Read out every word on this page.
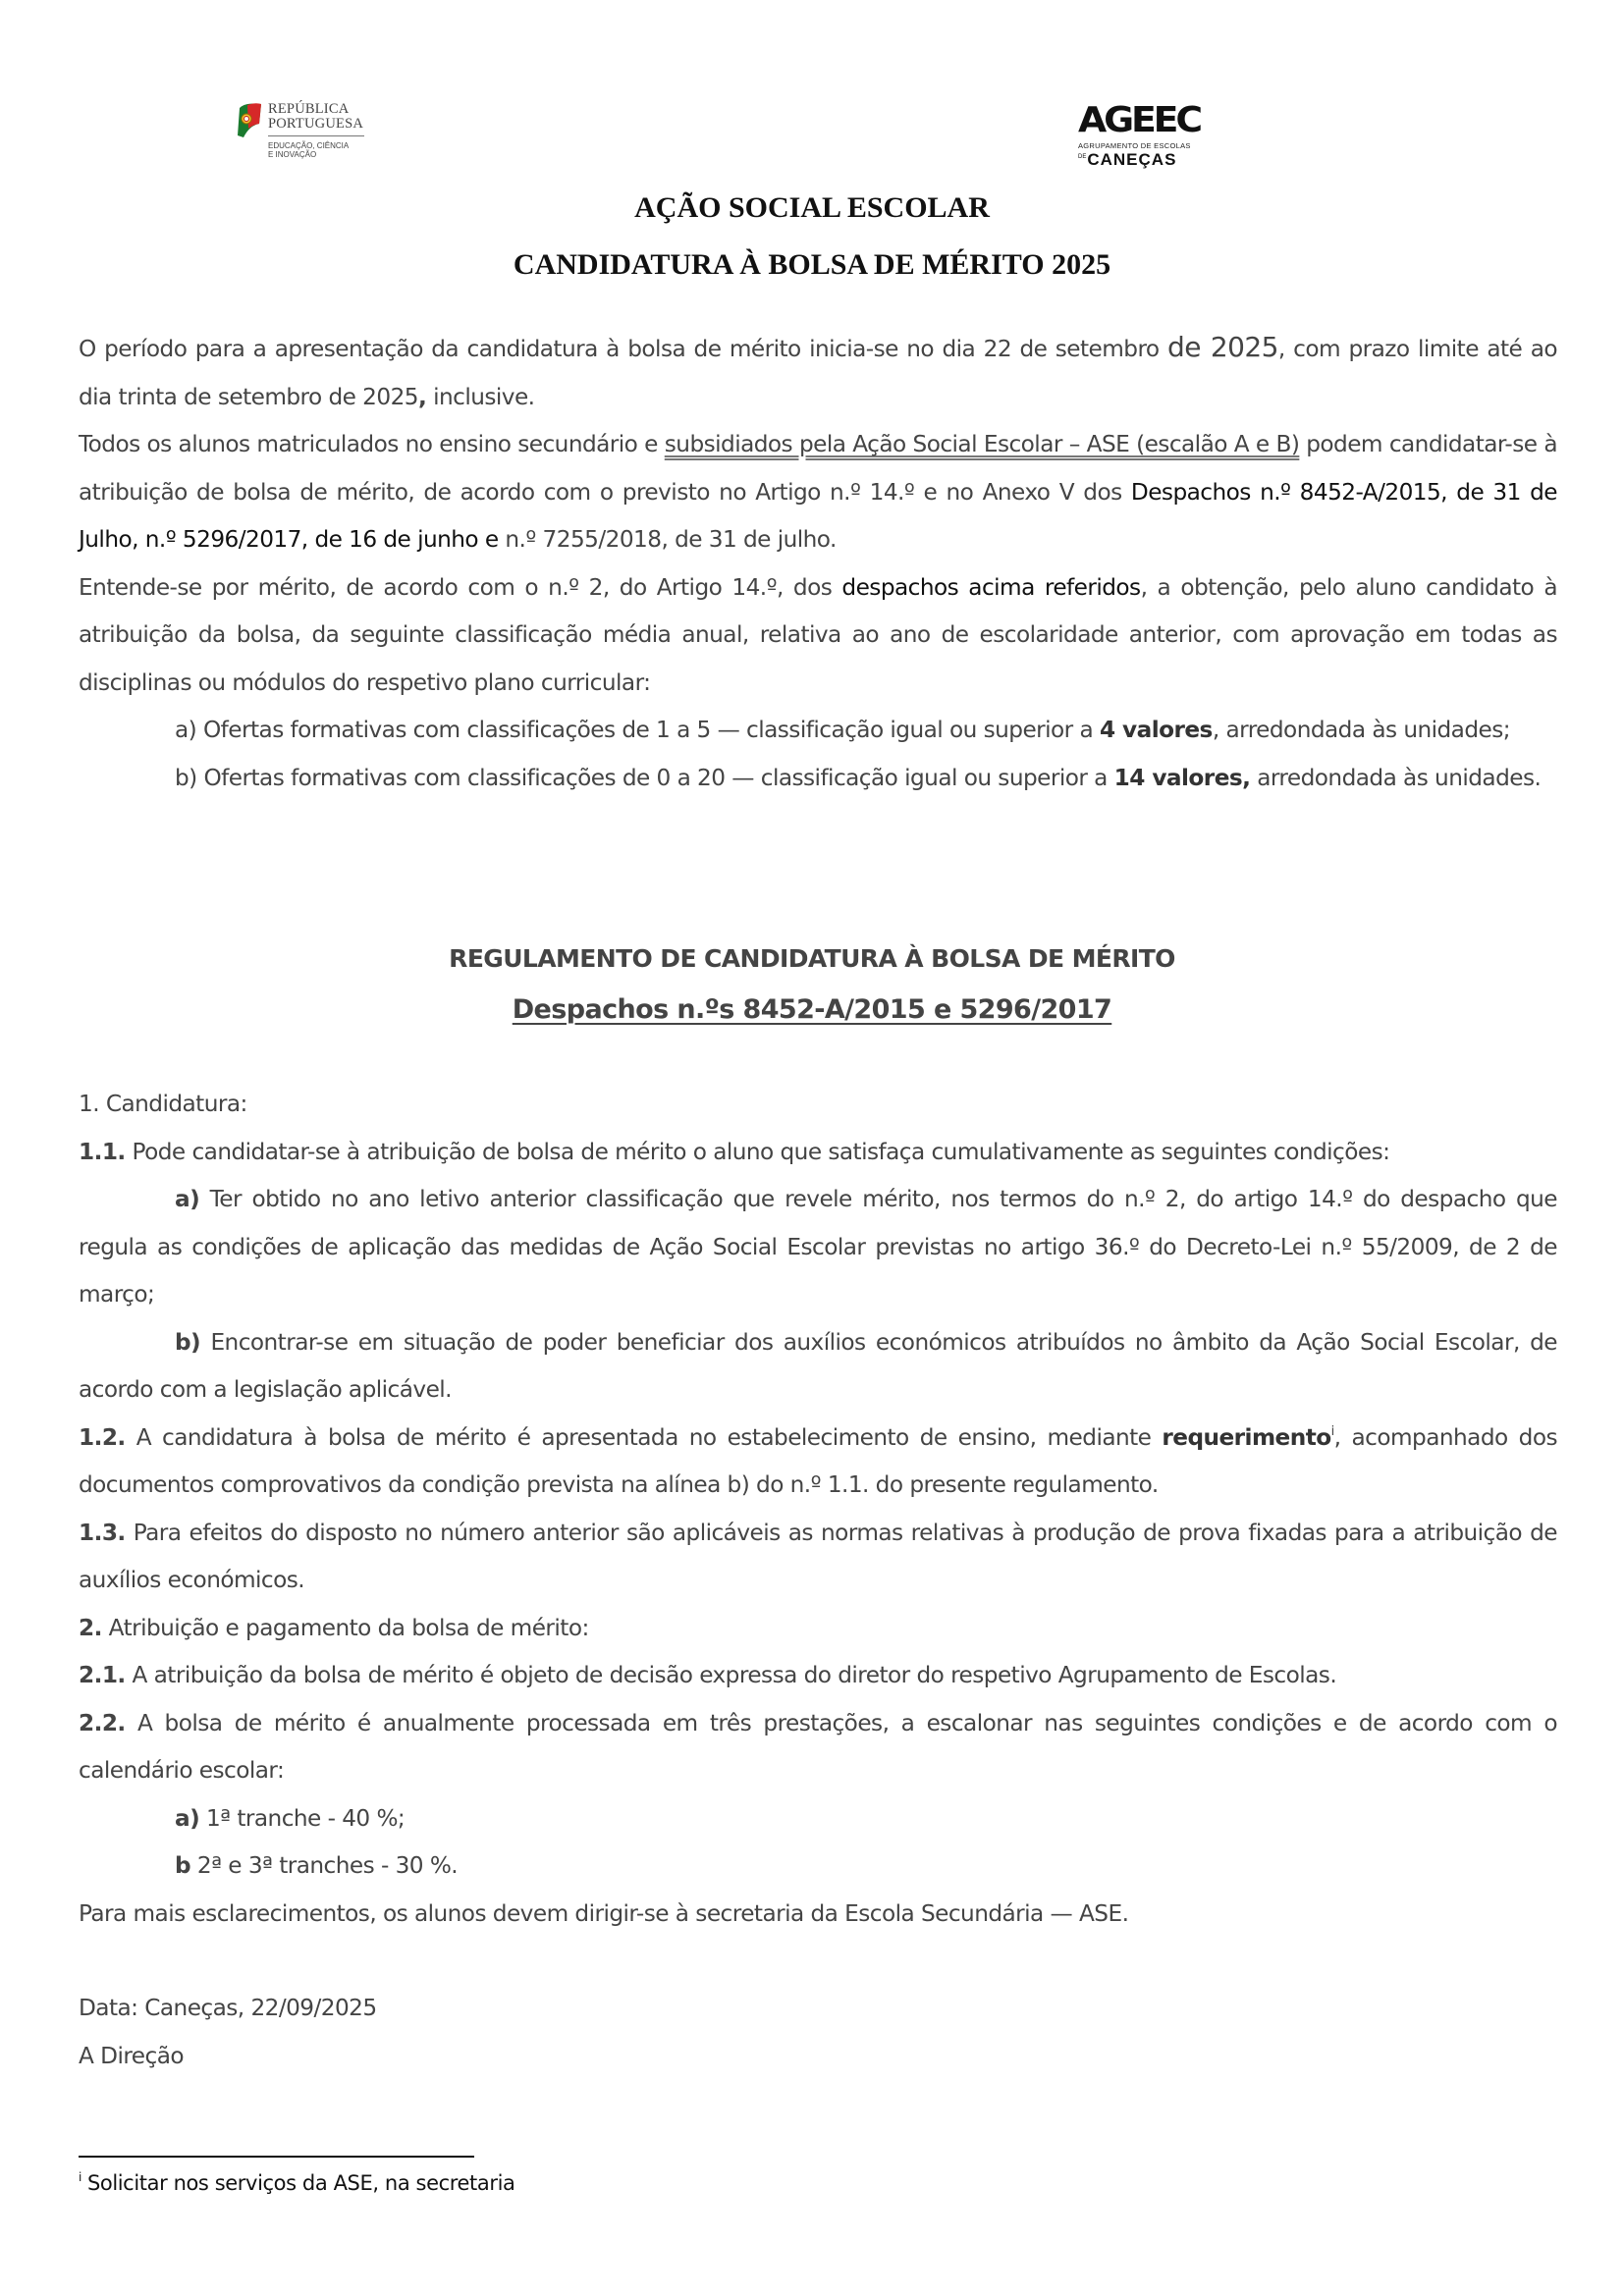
REPÚBLICA
PORTUGUESA
EDUCAÇÃO, CIÊNCIA
E INOVAÇÃO
AGEEC
AGRUPAMENTO DE ESCOLAS
$^{DE}$CANEÇAS
AÇÃO SOCIAL ESCOLAR
CANDIDATURA À BOLSA DE MÉRITO 2025

O período para a apresentação da candidatura à bolsa de mérito inicia-se no dia 22 de setembro de 2025, com prazo limite até ao dia trinta de setembro de 2025, inclusive.

Todos os alunos matriculados no ensino secundário e subsidiados pela Ação Social Escolar – ASE (escalão A e B) podem candidatar-se à atribuição de bolsa de mérito, de acordo com o previsto no Artigo n.º 14.º e no Anexo V dos Despachos n.º 8452-A/2015, de 31 de Julho, n.º 5296/2017, de 16 de junho e n.º 7255/2018, de 31 de julho.

Entende-se por mérito, de acordo com o n.º 2, do Artigo 14.º, dos despachos acima referidos, a obtenção, pelo aluno candidato à atribuição da bolsa, da seguinte classificação média anual, relativa ao ano de escolaridade anterior, com aprovação em todas as disciplinas ou módulos do respetivo plano curricular:

a) Ofertas formativas com classificações de 1 a 5 — classificação igual ou superior a 4 valores, arredondada às unidades;

b) Ofertas formativas com classificações de 0 a 20 — classificação igual ou superior a 14 valores, arredondada às unidades.

REGULAMENTO DE CANDIDATURA À BOLSA DE MÉRITO
Despachos n.ºs 8452-A/2015 e 5296/2017

1. Candidatura:

1.1. Pode candidatar-se à atribuição de bolsa de mérito o aluno que satisfaça cumulativamente as seguintes condições:

a) Ter obtido no ano letivo anterior classificação que revele mérito, nos termos do n.º 2, do artigo 14.º do despacho que regula as condições de aplicação das medidas de Ação Social Escolar previstas no artigo 36.º do Decreto-Lei n.º 55/2009, de 2 de março;

b) Encontrar-se em situação de poder beneficiar dos auxílios económicos atribuídos no âmbito da Ação Social Escolar, de acordo com a legislação aplicável.

1.2. A candidatura à bolsa de mérito é apresentada no estabelecimento de ensino, mediante requerimento$^i$, acompanhado dos documentos comprovativos da condição prevista na alínea b) do n.º 1.1. do presente regulamento.

1.3. Para efeitos do disposto no número anterior são aplicáveis as normas relativas à produção de prova fixadas para a atribuição de auxílios económicos.

2. Atribuição e pagamento da bolsa de mérito:

2.1. A atribuição da bolsa de mérito é objeto de decisão expressa do diretor do respetivo Agrupamento de Escolas.

2.2. A bolsa de mérito é anualmente processada em três prestações, a escalonar nas seguintes condições e de acordo com o calendário escolar:

a) 1ª tranche - 40 %;

b 2ª e 3ª tranches - 30 %.

Para mais esclarecimentos, os alunos devem dirigir-se à secretaria da Escola Secundária — ASE.

Data: Caneças, 22/09/2025

A Direção

$^i$ Solicitar nos serviços da ASE, na secretaria
